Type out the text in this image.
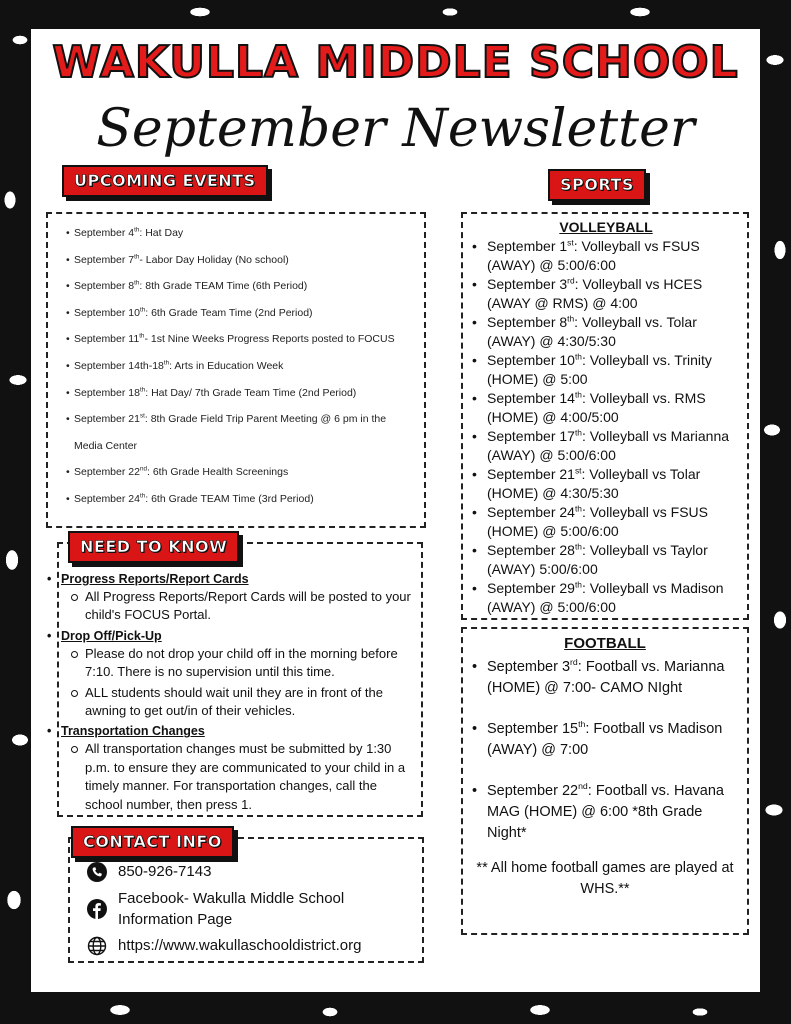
WAKULLA MIDDLE SCHOOL
September Newsletter
UPCOMING EVENTS
• September 4th: Hat Day
• September 7th- Labor Day Holiday (No school)
• September 8th: 8th Grade TEAM Time (6th Period)
• September 10th: 6th Grade Team Time (2nd Period)
• September 11th- 1st Nine Weeks Progress Reports posted to FOCUS
• September 14th-18th: Arts in Education Week
• September 18th: Hat Day/ 7th Grade Team Time (2nd Period)
• September 21st: 8th Grade Field Trip Parent Meeting @ 6 pm in the
Media Center
• September 22nd: 6th Grade Health Screenings
• September 24th: 6th Grade TEAM Time (3rd Period)
SPORTS
VOLLEYBALL
• September 1st: Volleyball vs FSUS (AWAY) @ 5:00/6:00
• September 3rd: Volleyball vs HCES (AWAY @ RMS) @ 4:00
• September 8th: Volleyball vs. Tolar (AWAY) @ 4:30/5:30
• September 10th: Volleyball vs. Trinity (HOME) @ 5:00
• September 14th: Volleyball vs. RMS (HOME) @ 4:00/5:00
• September 17th: Volleyball vs Marianna (AWAY) @ 5:00/6:00
• September 21st: Volleyball vs Tolar (HOME) @ 4:30/5:30
• September 24th: Volleyball vs FSUS (HOME) @ 5:00/6:00
• September 28th: Volleyball vs Taylor (AWAY) 5:00/6:00
• September 29th: Volleyball vs Madison (AWAY) @ 5:00/6:00
FOOTBALL
• September 3rd: Football vs. Marianna (HOME) @ 7:00- CAMO NIght
• September 15th: Football vs Madison (AWAY) @ 7:00
• September 22nd: Football vs. Havana MAG (HOME) @ 6:00 *8th Grade Night*
** All home football games are played at WHS.**
NEED TO KNOW
• Progress Reports/Report Cards
All Progress Reports/Report Cards will be posted to your child's FOCUS Portal.
• Drop Off/Pick-Up
Please do not drop your child off in the morning before 7:10. There is no supervision until this time.
ALL students should wait unil they are in front of the awning to get out/in of their vehicles.
• Transportation Changes
All transportation changes must be submitted by 1:30 p.m. to ensure they are communicated to your child in a timely manner. For transportation changes, call the school number, then press 1.
CONTACT INFO
850-926-7143
Facebook- Wakulla Middle School Information Page
https://www.wakullaschooldistrict.org
